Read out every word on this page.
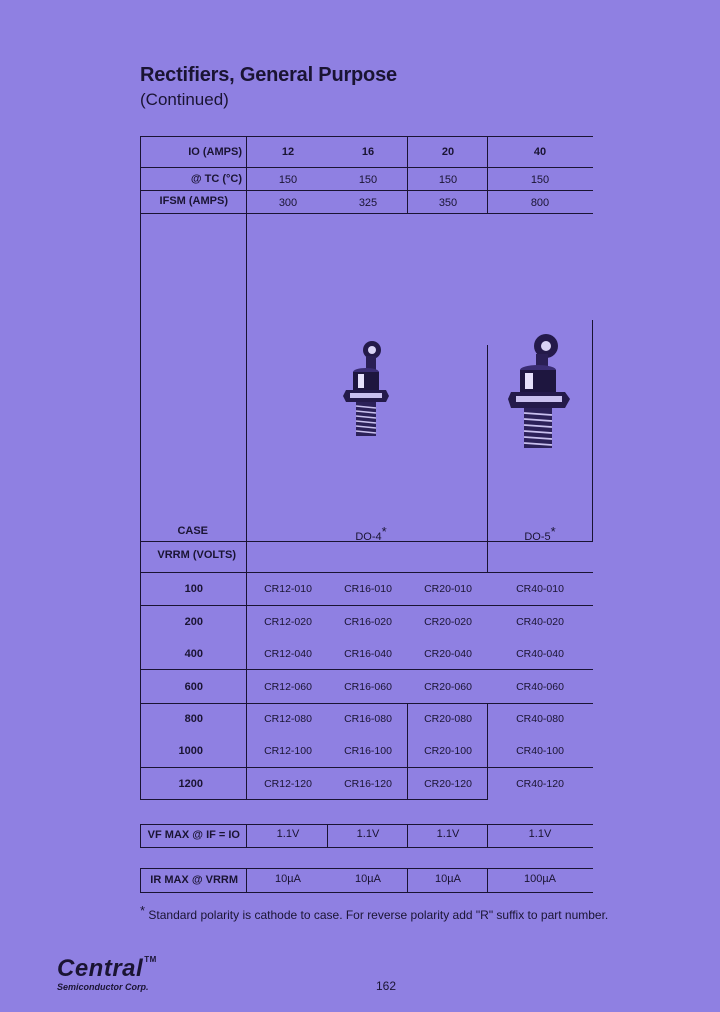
Rectifiers, General Purpose
(Continued)
IO (AMPS)	12	16	20	40
@ TC (°C)	150	150	150	150
IFSM (AMPS)	300	325	350	800
CASE	DO-4*	DO-5*
VRRM (VOLTS)
100	CR12-010	CR16-010	CR20-010	CR40-010
200	CR12-020	CR16-020	CR20-020	CR40-020
400	CR12-040	CR16-040	CR20-040	CR40-040
600	CR12-060	CR16-060	CR20-060	CR40-060
800	CR12-080	CR16-080	CR20-080	CR40-080
1000	CR12-100	CR16-100	CR20-100	CR40-100
1200	CR12-120	CR16-120	CR20-120	CR40-120
VF MAX @ IF = IO	1.1V	1.1V	1.1V	1.1V
IR MAX @ VRRM	10µA	10µA	10µA	100µA
* Standard polarity is cathode to case. For reverse polarity add "R" suffix to part number.
Central™
Semiconductor Corp.	162
